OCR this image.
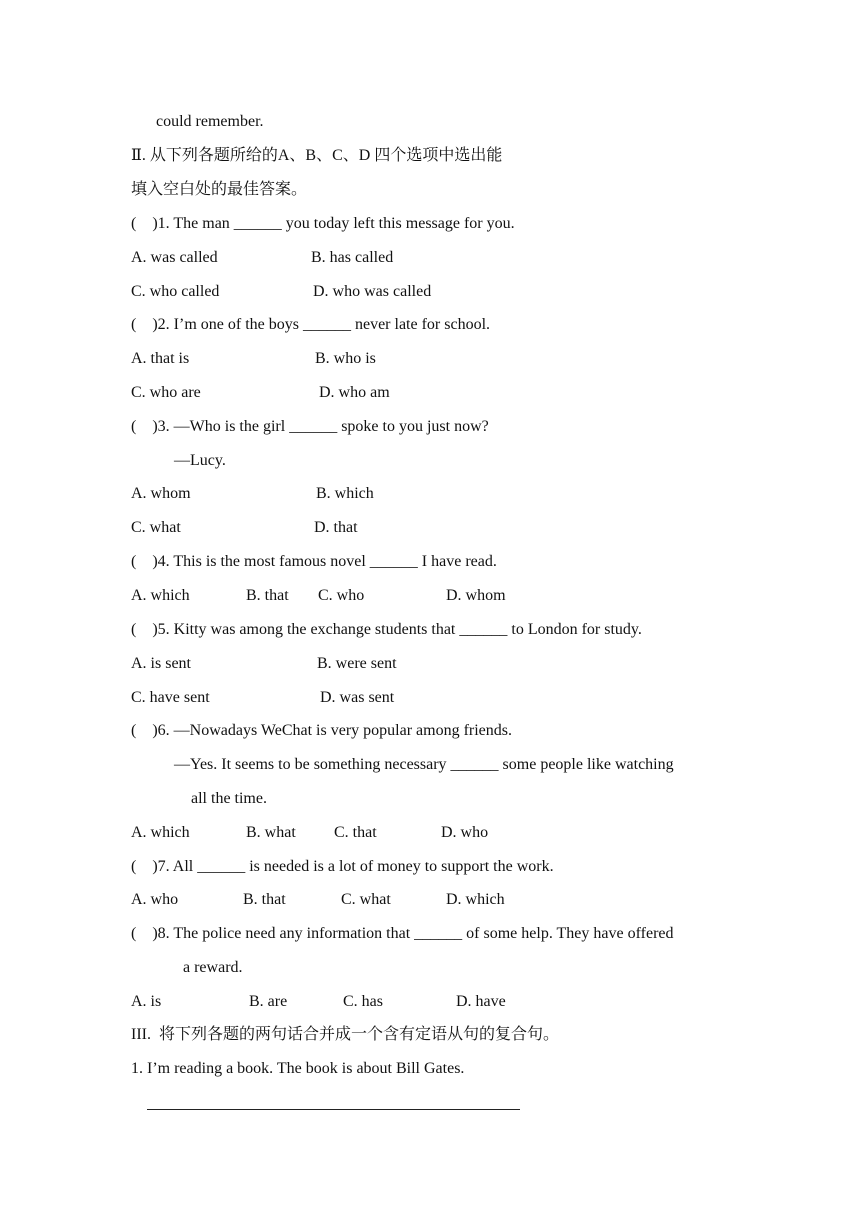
could remember.
Ⅱ. 从下列各题所给的A、B、C、D 四个选项中选出能
填入空白处的最佳答案。
(    )1. The man ______ you today left this message for you.
A. was called	B. has called
C. who called	D. who was called
(    )2. I’m one of the boys ______ never late for school.
A. that is	B. who is
C. who are	D. who am
(    )3. —Who is the girl ______ spoke to you just now?
—Lucy.
A. whom	B. which
C. what	D. that
(    )4. This is the most famous novel ______ I have read.
A. which	B. that C. who	D. whom
(    )5. Kitty was among the exchange students that ______ to London for study.
A. is sent	B. were sent
C. have sent	D. was sent
(    )6. —Nowadays WeChat is very popular among friends.
—Yes. It seems to be something necessary ______ some people like watching
all the time.
A. which	B. what C. that	D. who
(    )7. All ______ is needed is a lot of money to support the work.
A. who	B. that	C. what	D. which
(    )8. The police need any information that ______ of some help. They have offered
a reward.
A. is	B. are	C. has	D. have
III.  将下列各题的两句话合并成一个含有定语从句的复合句。
1. I’m reading a book. The book is about Bill Gates.
